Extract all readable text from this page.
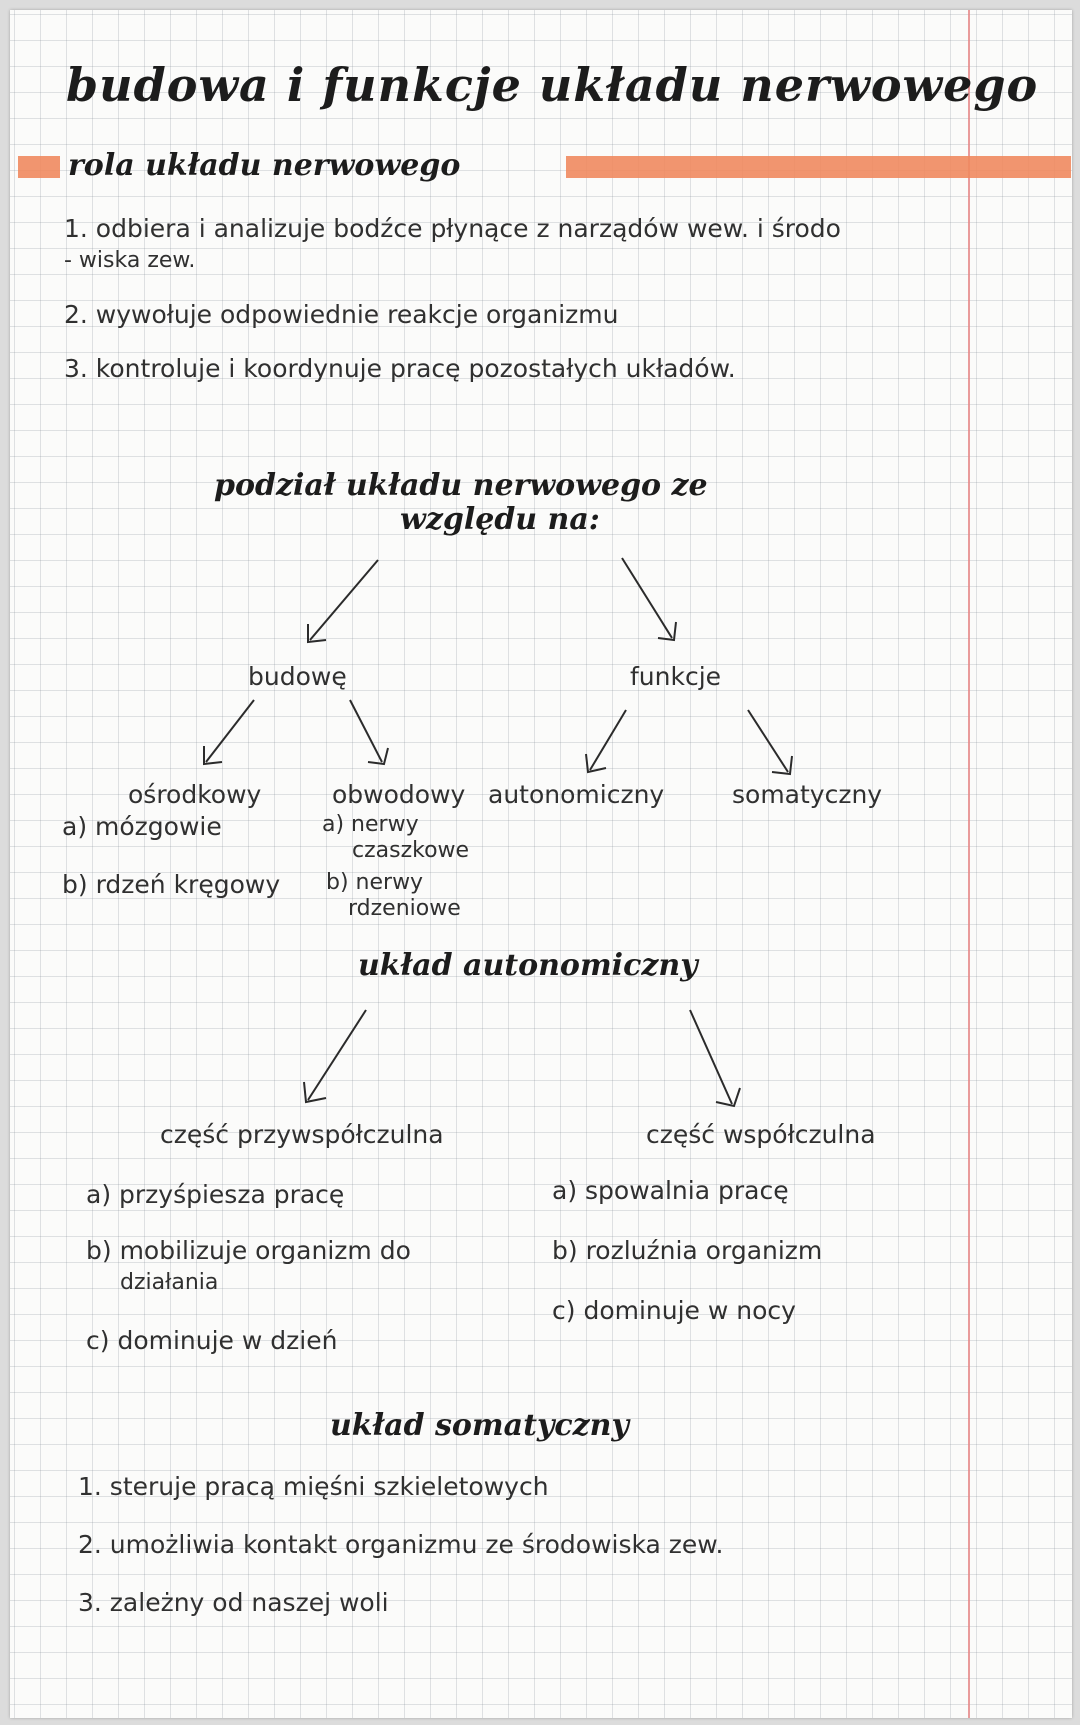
budowa i funkcje układu nerwowego
rola układu nerwowego
1. odbiera i analizuje bodźce płynące z narządów wew. i środo
- wiska zew.
2. wywołuje odpowiednie reakcje organizmu
3. kontroluje i koordynuje pracę pozostałych układów.
podział układu nerwowego ze
względu na:
budowę
ośrodkowy
a) mózgowie
b) rdzeń kręgowy
obwodowy
a) nerwy
czaszkowe
b) nerwy
rdzeniowe
funkcje
autonomiczny	somatyczny
układ autonomiczny
część przywspółczulna
a) przyśpiesza pracę
b) mobilizuje organizm do
działania
c) dominuje w dzień
część współczulna
a) spowalnia pracę
b) rozluźnia organizm
c) dominuje w nocy
układ somatyczny
1. steruje pracą mięśni szkieletowych
2. umożliwia kontakt organizmu ze środowiska zew.
3. zależny od naszej woli
